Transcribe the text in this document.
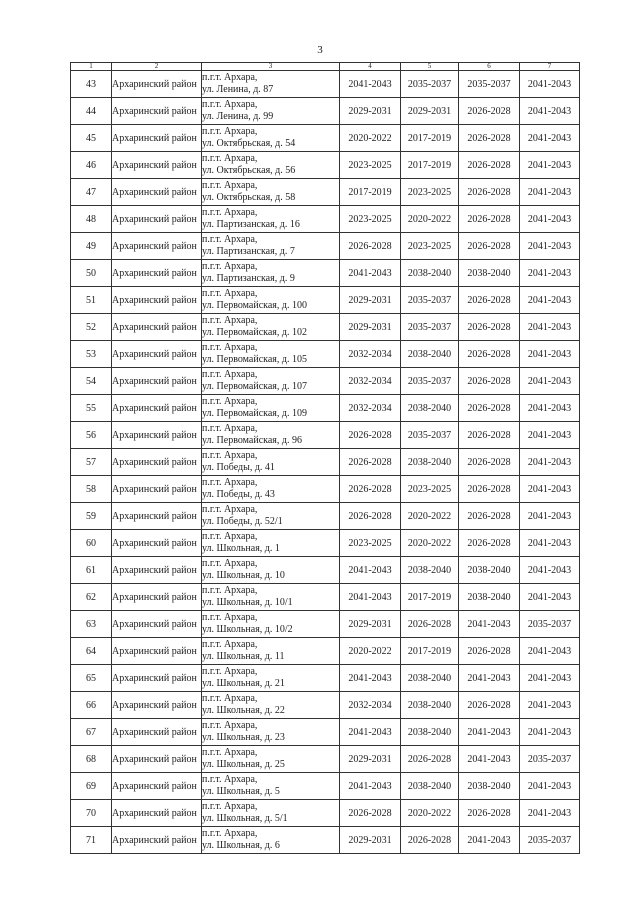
3
1	2	3	4	5	6	7
43	Архаринский район	п.г.т. Архара,
ул. Ленина, д. 87	2041-2043	2035-2037	2035-2037	2041-2043
44	Архаринский район	п.г.т. Архара,
ул. Ленина, д. 99	2029-2031	2029-2031	2026-2028	2041-2043
45	Архаринский район	п.г.т. Архара,
ул. Октябрьская, д. 54	2020-2022	2017-2019	2026-2028	2041-2043
46	Архаринский район	п.г.т. Архара,
ул. Октябрьская, д. 56	2023-2025	2017-2019	2026-2028	2041-2043
47	Архаринский район	п.г.т. Архара,
ул. Октябрьская, д. 58	2017-2019	2023-2025	2026-2028	2041-2043
48	Архаринский район	п.г.т. Архара,
ул. Партизанская, д. 16	2023-2025	2020-2022	2026-2028	2041-2043
49	Архаринский район	п.г.т. Архара,
ул. Партизанская, д. 7	2026-2028	2023-2025	2026-2028	2041-2043
50	Архаринский район	п.г.т. Архара,
ул. Партизанская, д. 9	2041-2043	2038-2040	2038-2040	2041-2043
51	Архаринский район	п.г.т. Архара,
ул. Первомайская, д. 100	2029-2031	2035-2037	2026-2028	2041-2043
52	Архаринский район	п.г.т. Архара,
ул. Первомайская, д. 102	2029-2031	2035-2037	2026-2028	2041-2043
53	Архаринский район	п.г.т. Архара,
ул. Первомайская, д. 105	2032-2034	2038-2040	2026-2028	2041-2043
54	Архаринский район	п.г.т. Архара,
ул. Первомайская, д. 107	2032-2034	2035-2037	2026-2028	2041-2043
55	Архаринский район	п.г.т. Архара,
ул. Первомайская, д. 109	2032-2034	2038-2040	2026-2028	2041-2043
56	Архаринский район	п.г.т. Архара,
ул. Первомайская, д. 96	2026-2028	2035-2037	2026-2028	2041-2043
57	Архаринский район	п.г.т. Архара,
ул. Победы, д. 41	2026-2028	2038-2040	2026-2028	2041-2043
58	Архаринский район	п.г.т. Архара,
ул. Победы, д. 43	2026-2028	2023-2025	2026-2028	2041-2043
59	Архаринский район	п.г.т. Архара,
ул. Победы, д. 52/1	2026-2028	2020-2022	2026-2028	2041-2043
60	Архаринский район	п.г.т. Архара,
ул. Школьная, д. 1	2023-2025	2020-2022	2026-2028	2041-2043
61	Архаринский район	п.г.т. Архара,
ул. Школьная, д. 10	2041-2043	2038-2040	2038-2040	2041-2043
62	Архаринский район	п.г.т. Архара,
ул. Школьная, д. 10/1	2041-2043	2017-2019	2038-2040	2041-2043
63	Архаринский район	п.г.т. Архара,
ул. Школьная, д. 10/2	2029-2031	2026-2028	2041-2043	2035-2037
64	Архаринский район	п.г.т. Архара,
ул. Школьная, д. 11	2020-2022	2017-2019	2026-2028	2041-2043
65	Архаринский район	п.г.т. Архара,
ул. Школьная, д. 21	2041-2043	2038-2040	2041-2043	2041-2043
66	Архаринский район	п.г.т. Архара,
ул. Школьная, д. 22	2032-2034	2038-2040	2026-2028	2041-2043
67	Архаринский район	п.г.т. Архара,
ул. Школьная, д. 23	2041-2043	2038-2040	2041-2043	2041-2043
68	Архаринский район	п.г.т. Архара,
ул. Школьная, д. 25	2029-2031	2026-2028	2041-2043	2035-2037
69	Архаринский район	п.г.т. Архара,
ул. Школьная, д. 5	2041-2043	2038-2040	2038-2040	2041-2043
70	Архаринский район	п.г.т. Архара,
ул. Школьная, д. 5/1	2026-2028	2020-2022	2026-2028	2041-2043
71	Архаринский район	п.г.т. Архара,
ул. Школьная, д. 6	2029-2031	2026-2028	2041-2043	2035-2037
